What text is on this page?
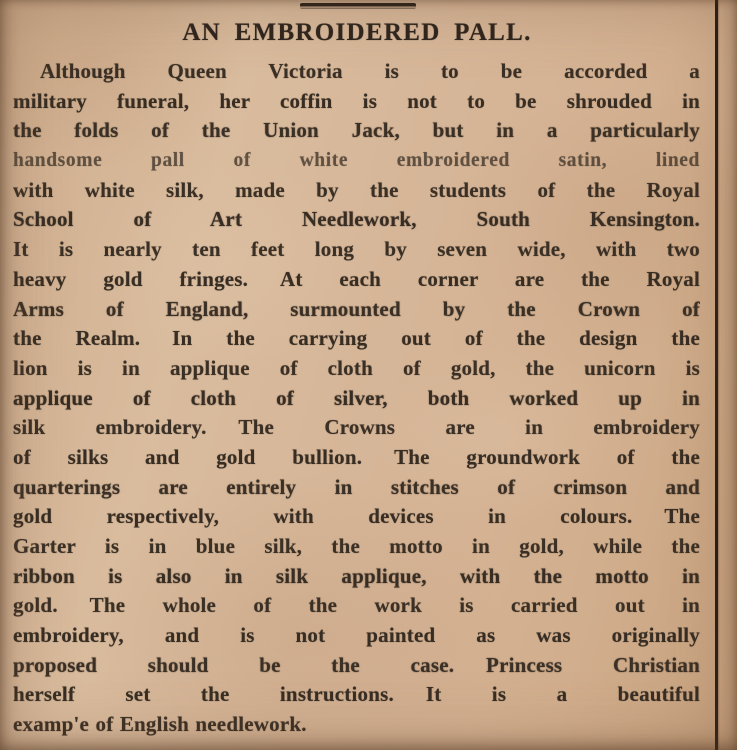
AN EMBROIDERED PALL.
Although Queen Victoria is to be accorded a
military funeral, her coffin is not to be shrouded in
the folds of the Union Jack, but in a particularly
handsome pall of white embroidered satin, lined
with white silk, made by the students of the Royal
School of Art Needlework, South Kensington.
It is nearly ten feet long by seven wide, with two
heavy gold fringes.  At each corner are the Royal
Arms of England, surmounted by the Crown of
the Realm.  In the carrying out of the design the
lion is in applique of cloth of gold, the unicorn is
applique of cloth of silver, both worked up in
silk embroidery.  The Crowns are in embroidery
of silks and gold bullion.  The groundwork of the
quarterings are entirely in stitches of crimson and
gold respectively, with devices in colours.  The
Garter is in blue silk, the motto in gold, while the
ribbon is also in silk applique, with the motto in
gold.  The whole of the work is carried out in
embroidery, and is not painted as was originally
proposed should be the case.  Princess Christian
herself set the instructions.  It is a beautiful
examp'e of English needlework.
